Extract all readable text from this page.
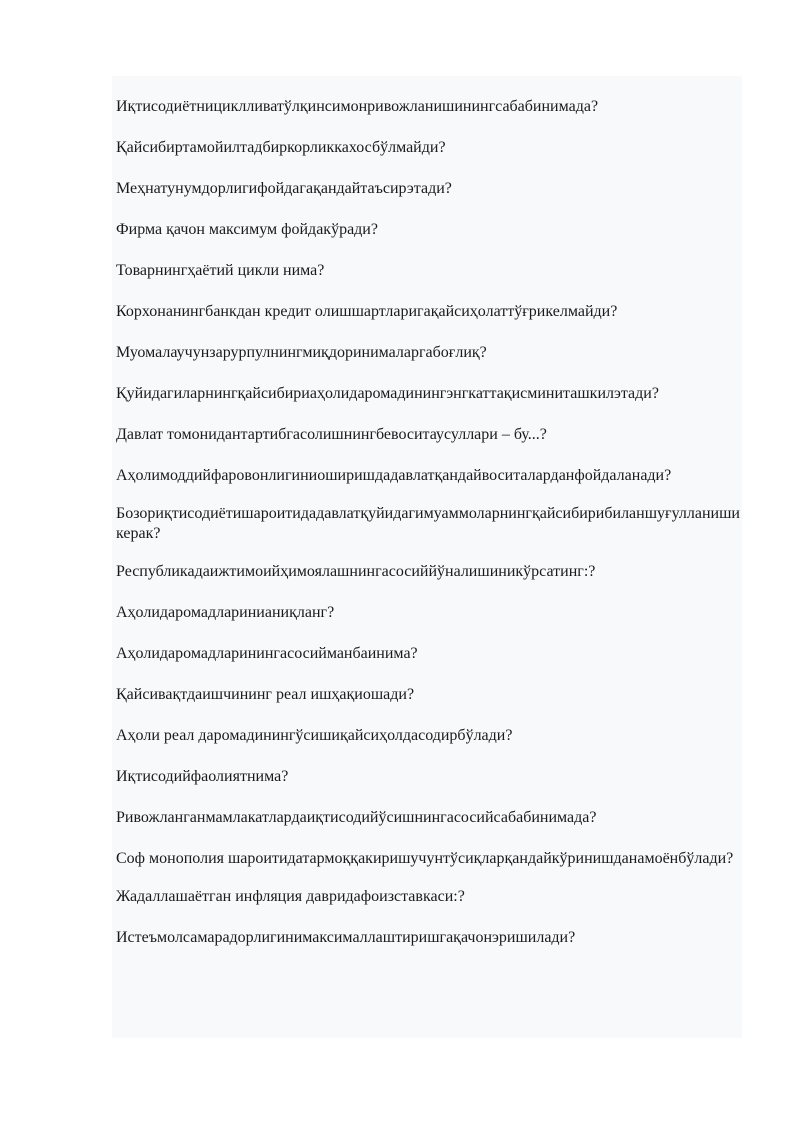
Иқтисодиётнициклливатўлқинсимонривожланишинингсабабинимада?

Қайсибиртамойилтадбиркорликкахосбўлмайди?

Меҳнатунумдорлигифойдагақандайтаъсирэтади?

Фирма қачон максимум фойдакўради?

Товарнингҳаётий цикли нима?

Корхонанингбанкдан кредит олишшартларигақайсиҳолаттўғрикелмайди?

Муомалаучунзарурпулнингмиқдоринималаргабоғлиқ?

Қуйидагиларнингқайсибириаҳолидаромадинингэнгкаттақисминиташкилэтади?

Давлат томонидантартибгасолишнингбевоситаусуллари – бу...?

Аҳолимоддийфаровонлигиниоширишдадавлатқандайвоситаларданфойдаланади?

Бозориқтисодиётишароитидадавлатқуйидагимуаммоларнингқайсибирибиланшуғулланишикерак?

Республикадаижтимоийҳимоялашнингасосиййўналишиникўрсатинг:?

Аҳолидаромадларинианиқланг?

Аҳолидаромадларинингасосийманбаинима?

Қайсивақтдаишчининг реал ишҳақиошади?

Аҳоли реал даромадинингўсишиқайсиҳолдасодирбўлади?

Иқтисодийфаолиятнима?

Ривожланганмамлакатлардаиқтисодийўсишнингасосийсабабинимада?

Соф монополия шароитидатармоққакиришучунтўсиқларқандайкўринишданамоёнбўлади?

Жадаллашаётган инфляция давридафоизставкаси:?

Истеъмолсамарадорлигинимаксималлаштиришгақачонэришилади?
